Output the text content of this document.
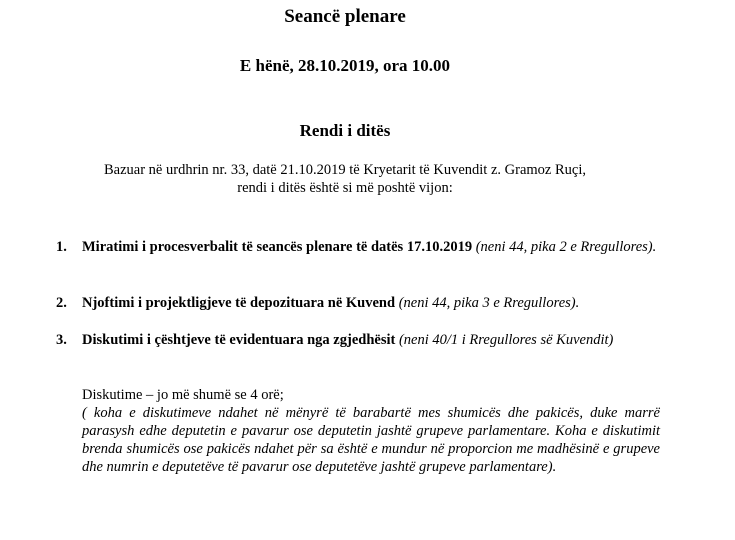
Seancë plenare
E hënë, 28.10.2019, ora 10.00
Rendi i ditës
Bazuar në urdhrin nr. 33, datë 21.10.2019 të Kryetarit të Kuvendit z. Gramoz Ruçi,
rendi i ditës është si më poshtë vijon:
1. Miratimi i procesverbalit të seancës plenare të datës 17.10.2019 (neni 44, pika 2 e Rregullores).
2. Njoftimi i projektligjeve të depozituara në Kuvend (neni 44, pika 3 e Rregullores).
3. Diskutimi i çështjeve të evidentuara nga zgjedhësit (neni 40/1 i Rregullores së Kuvendit)
Diskutime – jo më shumë se 4 orë;
( koha e diskutimeve ndahet në mënyrë të barabartë mes shumicës dhe pakicës, duke marrë parasysh edhe deputetin e pavarur ose deputetin jashtë grupeve parlamentare. Koha e diskutimit brenda shumicës ose pakicës ndahet për sa është e mundur në proporcion me madhësinë e grupeve dhe numrin e deputetëve të pavarur ose deputetëve jashtë grupeve parlamentare).
